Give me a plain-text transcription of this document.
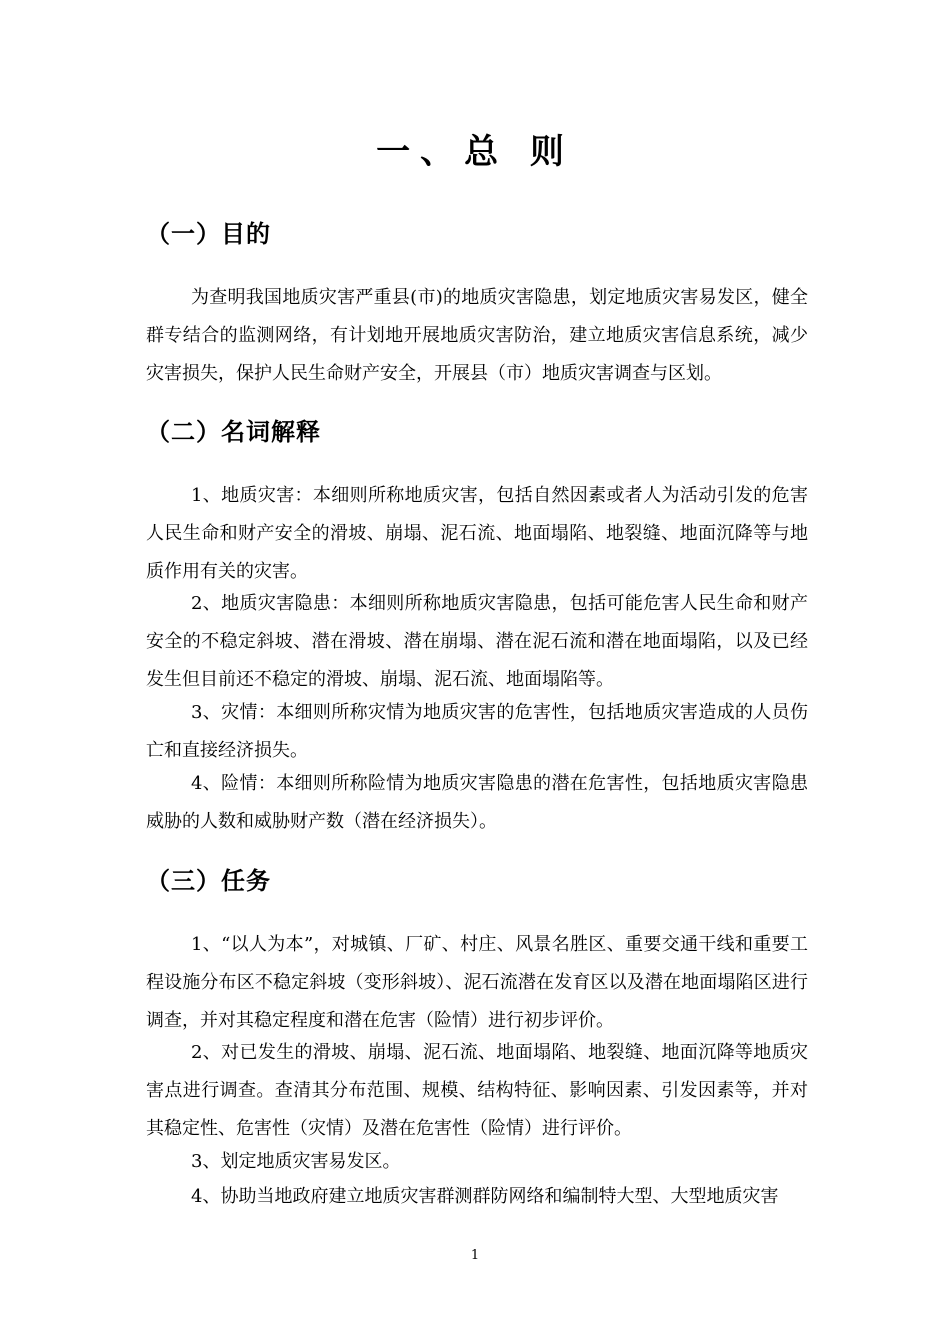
一、总 则
（一）目的

为查明我国地质灾害严重县(市)的地质灾害隐患，划定地质灾害易发区，健全群专结合的监测网络，有计划地开展地质灾害防治，建立地质灾害信息系统，减少灾害损失，保护人民生命财产安全，开展县（市）地质灾害调查与区划。

（二）名词解释

1、地质灾害：本细则所称地质灾害，包括自然因素或者人为活动引发的危害人民生命和财产安全的滑坡、崩塌、泥石流、地面塌陷、地裂缝、地面沉降等与地质作用有关的灾害。

2、地质灾害隐患：本细则所称地质灾害隐患，包括可能危害人民生命和财产安全的不稳定斜坡、潜在滑坡、潜在崩塌、潜在泥石流和潜在地面塌陷，以及已经发生但目前还不稳定的滑坡、崩塌、泥石流、地面塌陷等。

3、灾情：本细则所称灾情为地质灾害的危害性，包括地质灾害造成的人员伤亡和直接经济损失。

4、险情：本细则所称险情为地质灾害隐患的潜在危害性，包括地质灾害隐患威胁的人数和威胁财产数（潜在经济损失）。

（三）任务

1、“以人为本”，对城镇、厂矿、村庄、风景名胜区、重要交通干线和重要工程设施分布区不稳定斜坡（变形斜坡）、泥石流潜在发育区以及潜在地面塌陷区进行调查，并对其稳定程度和潜在危害（险情）进行初步评价。

2、对已发生的滑坡、崩塌、泥石流、地面塌陷、地裂缝、地面沉降等地质灾害点进行调查。查清其分布范围、规模、结构特征、影响因素、引发因素等，并对其稳定性、危害性（灾情）及潜在危害性（险情）进行评价。

3、划定地质灾害易发区。

4、协助当地政府建立地质灾害群测群防网络和编制特大型、大型地质灾害

1
